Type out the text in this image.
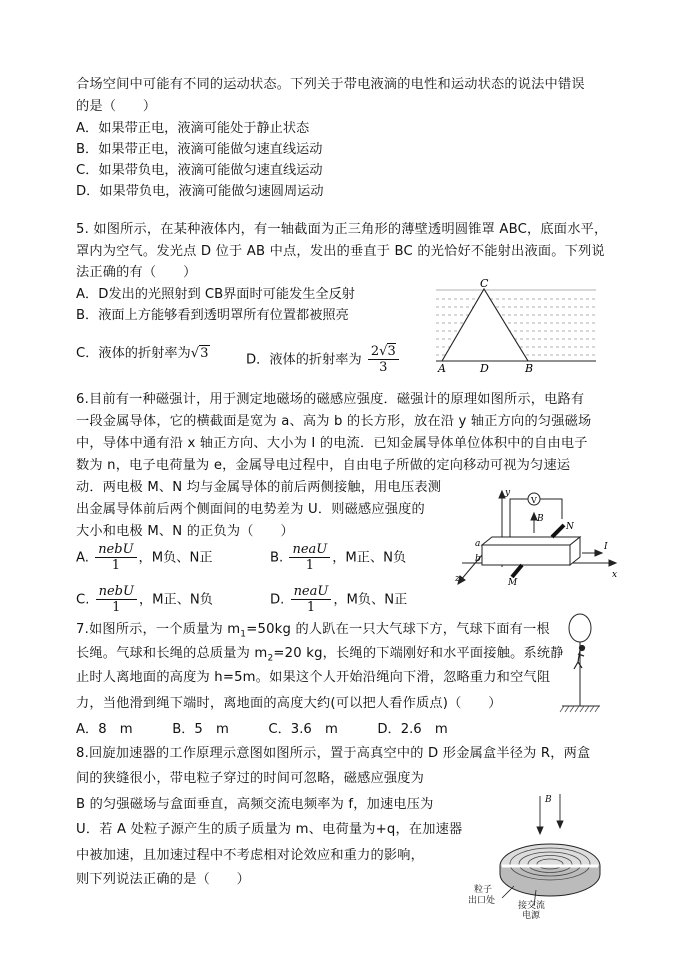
合场空间中可能有不同的运动状态。下列关于带电液滴的电性和运动状态的说法中错误
的是（　　）
A．如果带正电，液滴可能处于静止状态
B．如果带正电，液滴可能做匀速直线运动
C．如果带负电，液滴可能做匀速直线运动
D．如果带负电，液滴可能做匀速圆周运动
5. 如图所示，在某种液体内，有一轴截面为正三角形的薄壁透明圆锥罩 ABC，底面水平，
罩内为空气。发光点 D 位于 AB 中点，发出的垂直于 BC 的光恰好不能射出液面。下列说
法正确的有（　　）
A．D发出的光照射到 CB界面时可能发生全反射
B．液面上方能够看到透明罩所有位置都被照亮
C．液体的折射率为√3	D．液体的折射率为 $\frac{2√3}{3}$	A
C
D	B
6.目前有一种磁强计，用于测定地磁场的磁感应强度．磁强计的原理如图所示，电路有
一段金属导体，它的横截面是宽为 a、高为 b 的长方形，放在沿 y 轴正方向的匀强磁场
中，导体中通有沿 x 轴正方向、大小为 I 的电流．已知金属导体单位体积中的自由电子
数为 n，电子电荷量为 e，金属导电过程中，自由电子所做的定向移动可视为匀速运
动．两电极 M、N 均与金属导体的前后两侧接触，用电压表测
出金属导体前后两个侧面间的电势差为 U．则磁感应强度的
大小和电极 M、N 的正负为（　　）
A. $\frac{\text{nebU}}{1}$ ，M负、N正	B. $\frac{\text{neaU}}{1}$ ，M正、N负
C. $\frac{\text{nebU}}{1}$ ，M正、N负	D. $\frac{\text{neaU}}{1}$ ，M负、N正
y
V
B
N
a
b
I
x
z	M
7.如图所示，一个质量为 $m_1=50kg$ 的人趴在一只大气球下方，气球下面有一根
长绳。气球和长绳的总质量为 $m_2=20$ kg，长绳的下端刚好和水平面接触。系统静
止时人离地面的高度为 h=5m。如果这个人开始沿绳向下滑，忽略重力和空气阻
力，当他滑到绳下端时，离地面的高度大约(可以把人看作质点)（　　）
A．8　m　　　B．5　m　　　C．3.6　m　　　D．2.6　m
8.回旋加速器的工作原理示意图如图所示，置于高真空中的 D 形金属盒半径为 R，两盒
间的狭缝很小，带电粒子穿过的时间可忽略，磁感应强度为
B 的匀强磁场与盒面垂直，高频交流电频率为 f，加速电压为
U．若 A 处粒子源产生的质子质量为 m、电荷量为+q，在加速器
中被加速，且加速过程中不考虑相对论效应和重力的影响，
则下列说法正确的是（　　）
B
粒子
出口处	接交流
电源
